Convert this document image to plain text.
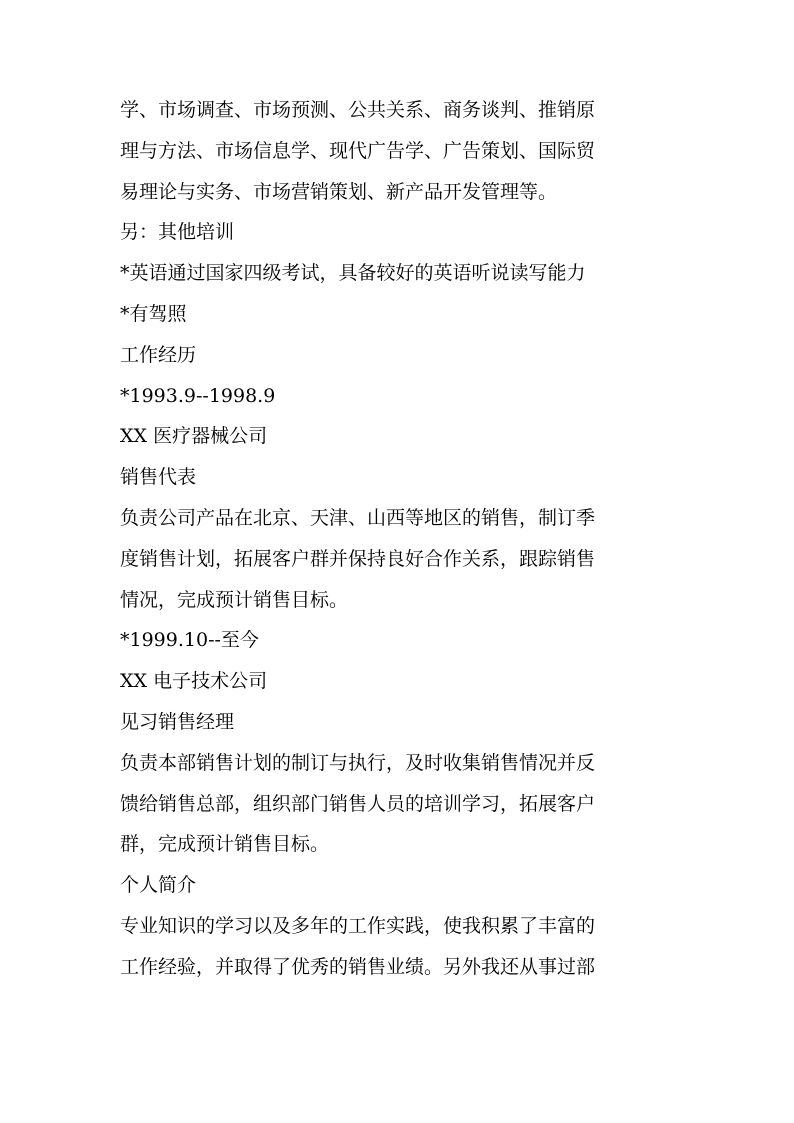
学、市场调查、市场预测、公共关系、商务谈判、推销原
理与方法、市场信息学、现代广告学、广告策划、国际贸
易理论与实务、市场营销策划、新产品开发管理等。
另：其他培训
*英语通过国家四级考试，具备较好的英语听说读写能力
*有驾照
工作经历
*1993.9--1998.9
XX 医疗器械公司
销售代表
负责公司产品在北京、天津、山西等地区的销售，制订季
度销售计划，拓展客户群并保持良好合作关系，跟踪销售
情况，完成预计销售目标。
*1999.10--至今
XX 电子技术公司
见习销售经理
负责本部销售计划的制订与执行，及时收集销售情况并反
馈给销售总部，组织部门销售人员的培训学习，拓展客户
群，完成预计销售目标。
个人简介
专业知识的学习以及多年的工作实践，使我积累了丰富的
工作经验，并取得了优秀的销售业绩。另外我还从事过部
